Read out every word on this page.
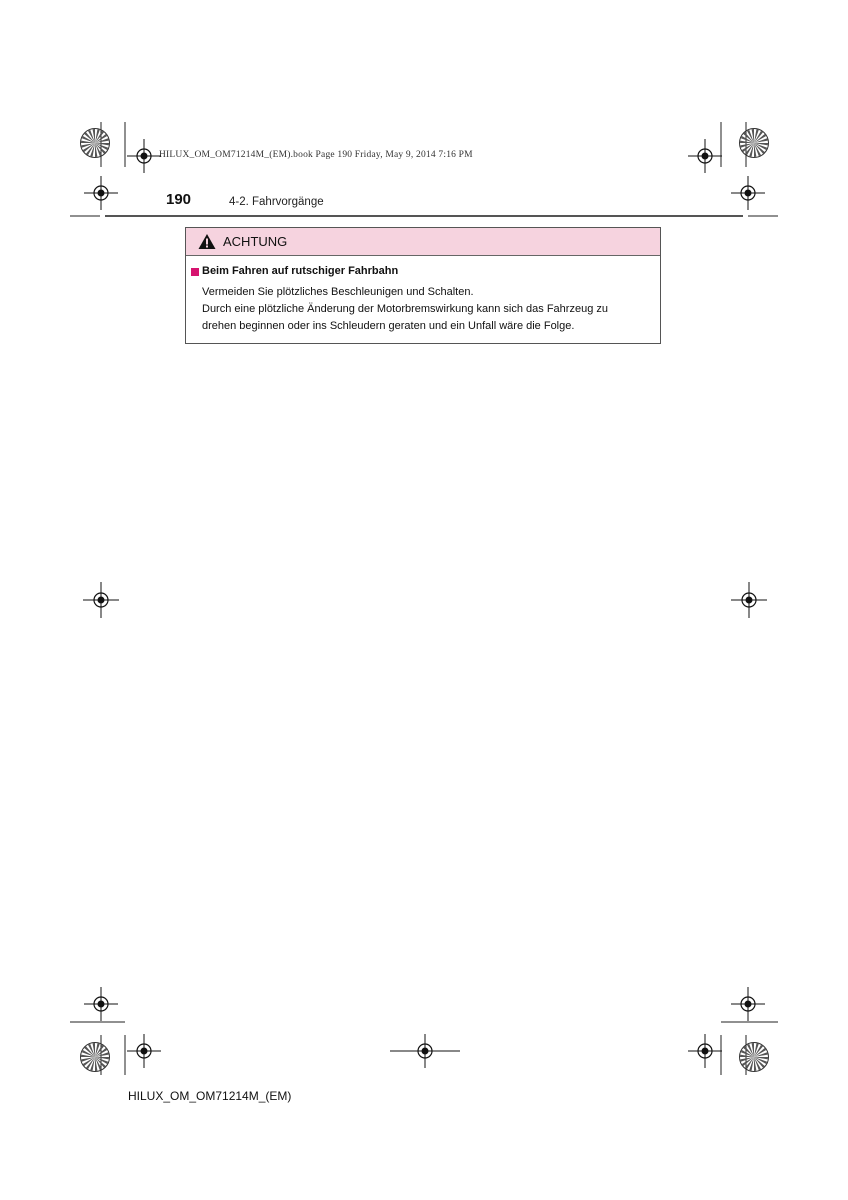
HILUX_OM_OM71214M_(EM).book Page 190 Friday, May 9, 2014 7:16 PM
190	4-2. Fahrvorgänge
ACHTUNG
Beim Fahren auf rutschiger Fahrbahn

Vermeiden Sie plötzliches Beschleunigen und Schalten.

Durch eine plötzliche Änderung der Motorbremswirkung kann sich das Fahrzeug zu

drehen beginnen oder ins Schleudern geraten und ein Unfall wäre die Folge.

HILUX_OM_OM71214M_(EM)
